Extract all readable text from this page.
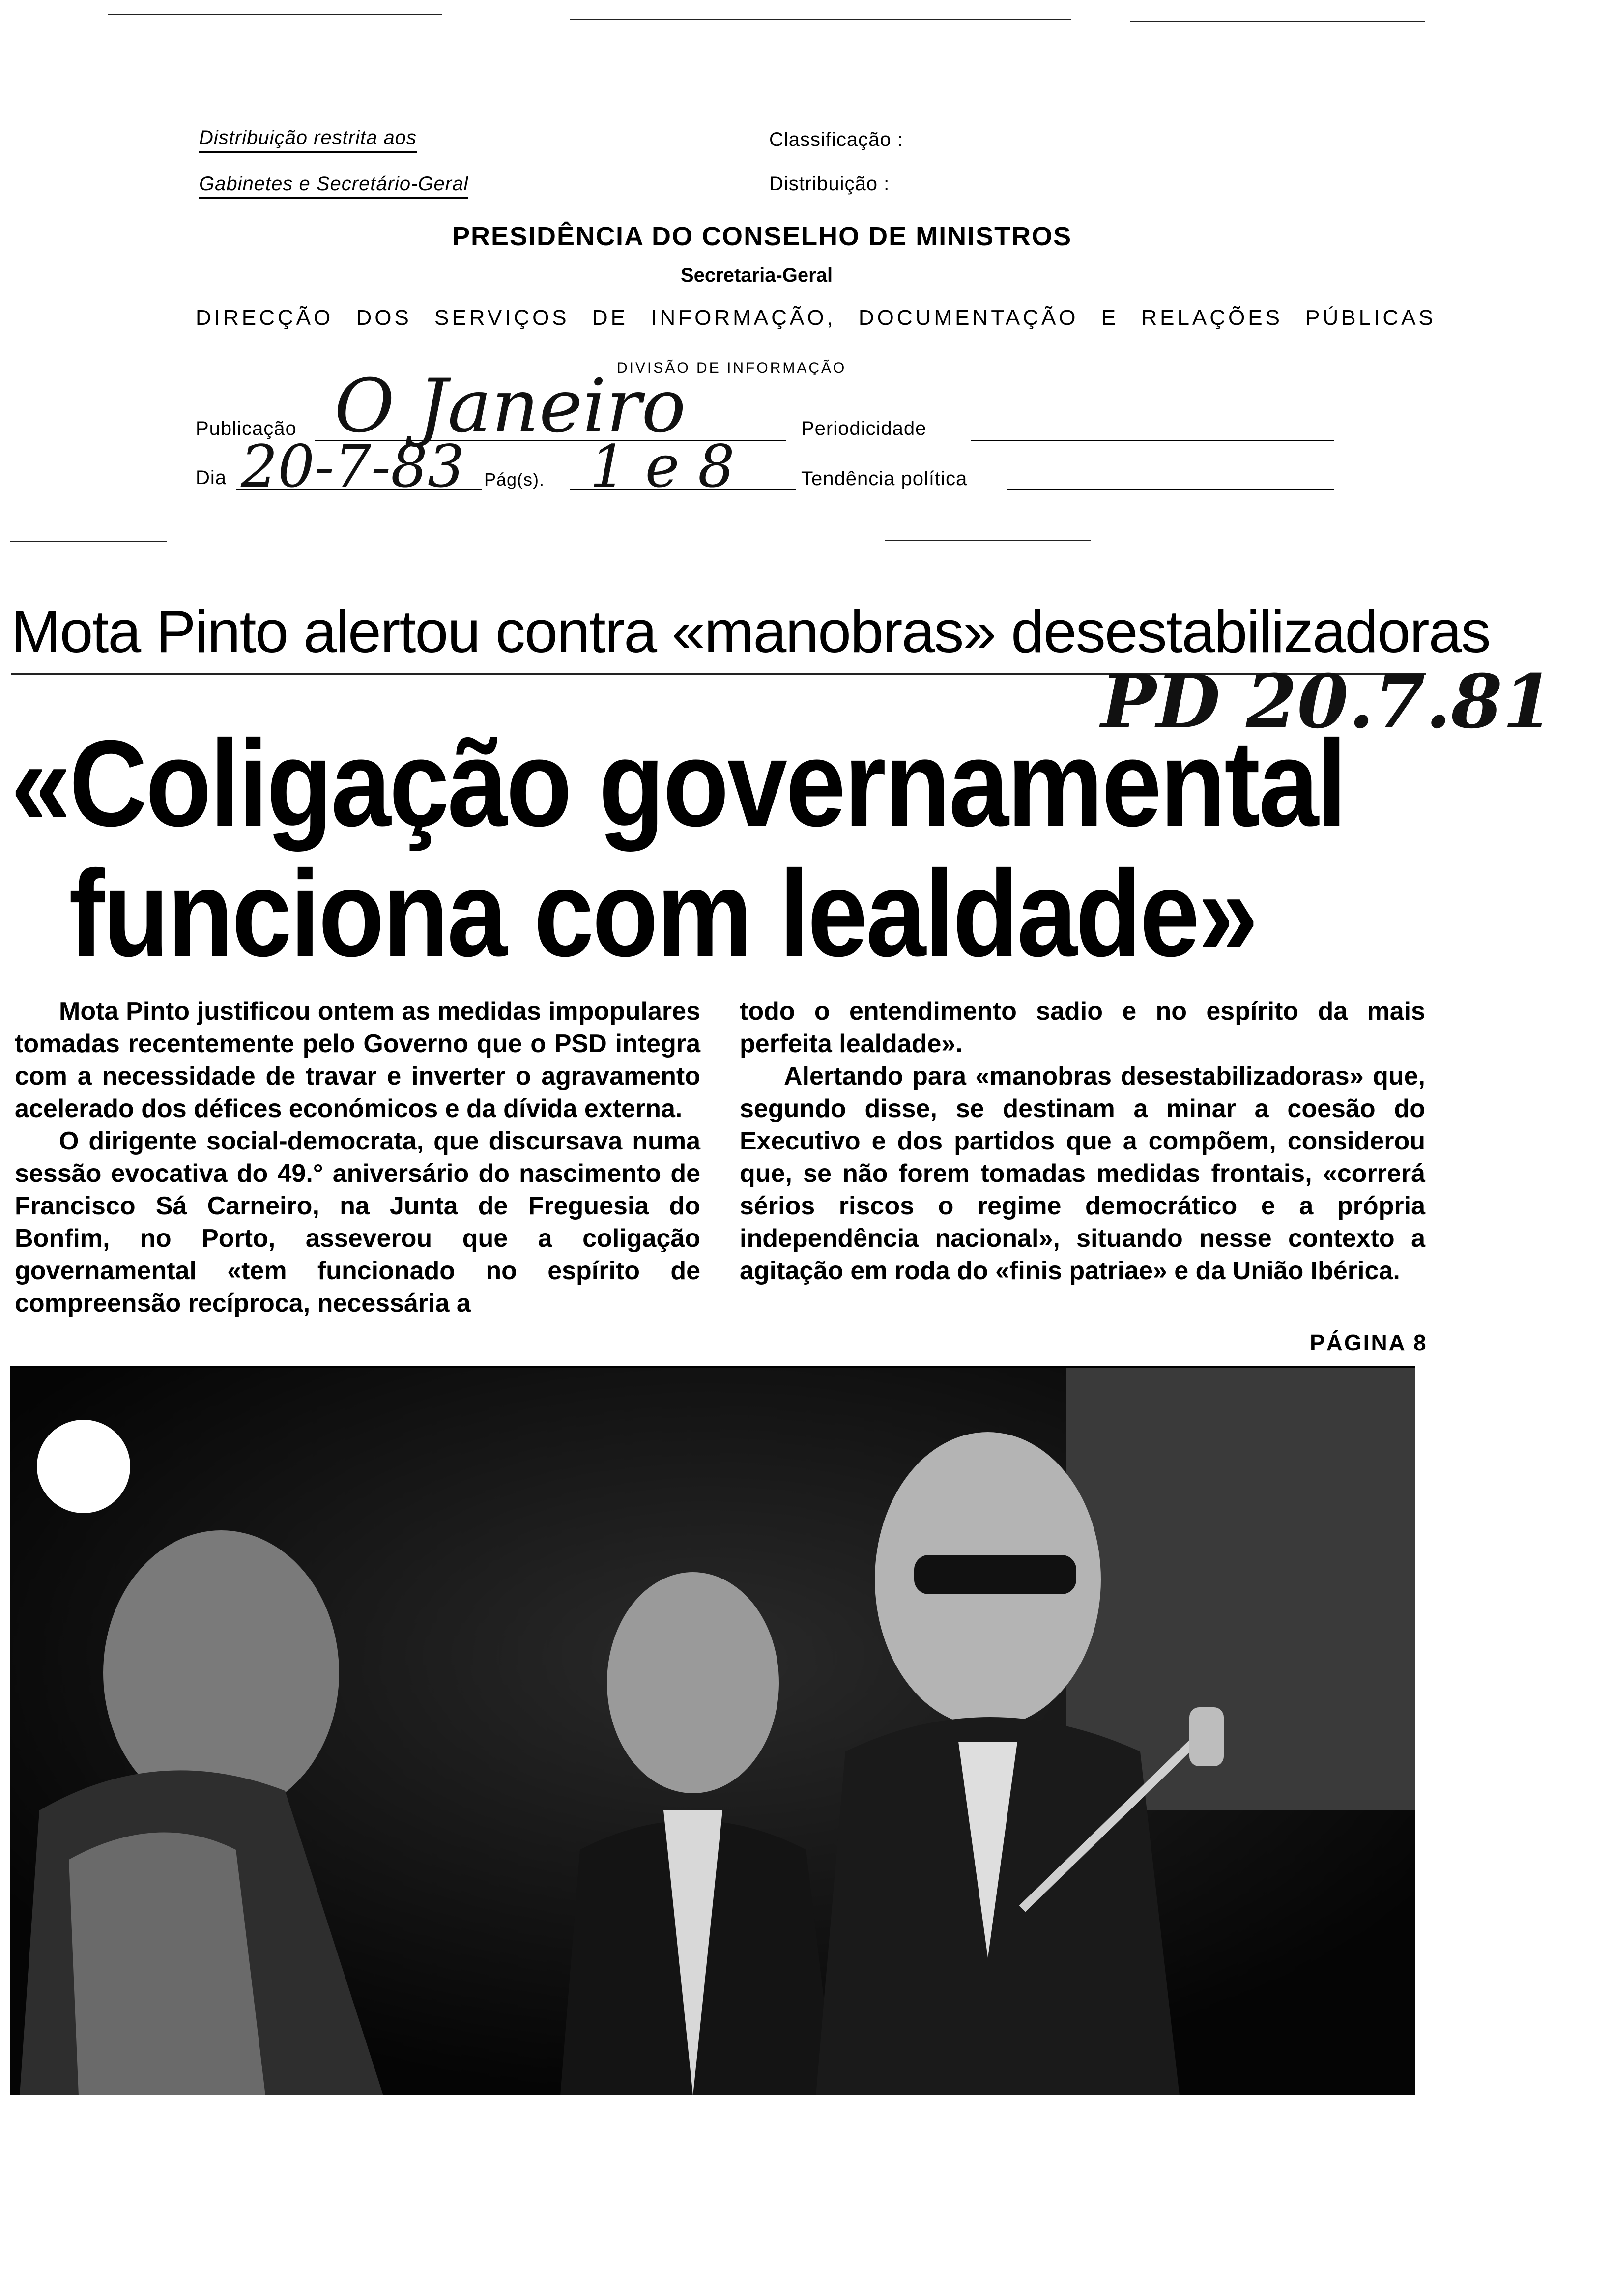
Distribuição restrita aos
Gabinetes e Secretário-Geral
Classificação :
Distribuição :
PRESIDÊNCIA DO CONSELHO DE MINISTROS
Secretaria-Geral
DIRECÇÃO DOS SERVIÇOS DE INFORMAÇÃO, DOCUMENTAÇÃO E RELAÇÕES PÚBLICAS
DIVISÃO DE INFORMAÇÃO
Publicação O Janeiro	Periodicidade
Dia 20-7-83 Pág(s). 1 e 8	Tendência política
Mota Pinto alertou contra «manobras» desestabilizadoras
PD 20.7.81
«Coligação governamental
funciona com lealdade»

Mota Pinto justificou ontem as medidas impopulares tomadas recentemente pelo Governo que o PSD integra com a necessidade de travar e inverter o agravamento acelerado dos défices económicos e da dívida externa.

O dirigente social-democrata, que discursava numa sessão evocativa do 49.° aniversário do nascimento de Francisco Sá Carneiro, na Junta de Freguesia do Bonfim, no Porto, asseverou que a coligação governamental «tem funcionado no espírito de compreensão recíproca, necessária a

todo o entendimento sadio e no espírito da mais perfeita lealdade».

Alertando para «manobras desestabilizadoras» que, segundo disse, se destinam a minar a coesão do Executivo e dos partidos que a compõem, considerou que, se não forem tomadas medidas frontais, «correrá sérios riscos o regime democrático e a própria independência nacional», situando nesse contexto a agitação em roda do «finis patriae» e da União Ibérica.

PÁGINA 8
